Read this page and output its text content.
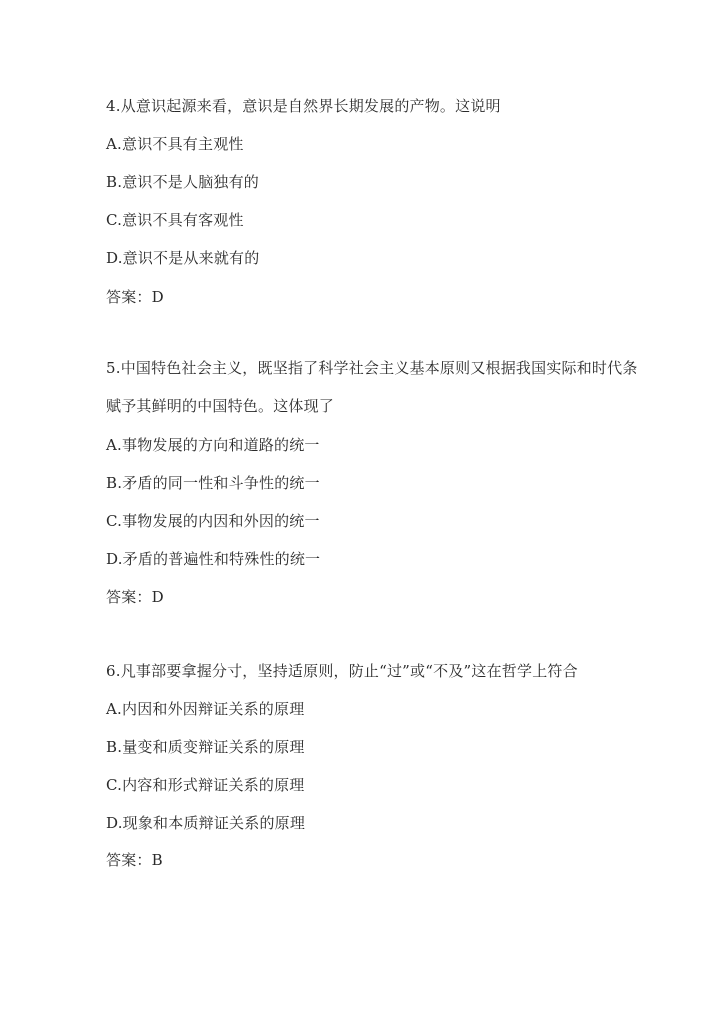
4.从意识起源来看，意识是自然界长期发展的产物。这说明
A.意识不具有主观性
B.意识不是人脑独有的
C.意识不具有客观性
D.意识不是从来就有的
答案：D
5.中国特色社会主义，既坚指了科学社会主义基本原则又根据我国实际和时代条
赋予其鲜明的中国特色。这体现了
A.事物发展的方向和道路的统一
B.矛盾的同一性和斗争性的统一
C.事物发展的内因和外因的统一
D.矛盾的普遍性和特殊性的统一
答案：D
6.凡事部要拿握分寸，坚持适原则，防止“过”或“不及”这在哲学上符合
A.内因和外因辩证关系的原理
B.量变和质变辩证关系的原理
C.内容和形式辩证关系的原理
D.现象和本质辩证关系的原理
答案：B
